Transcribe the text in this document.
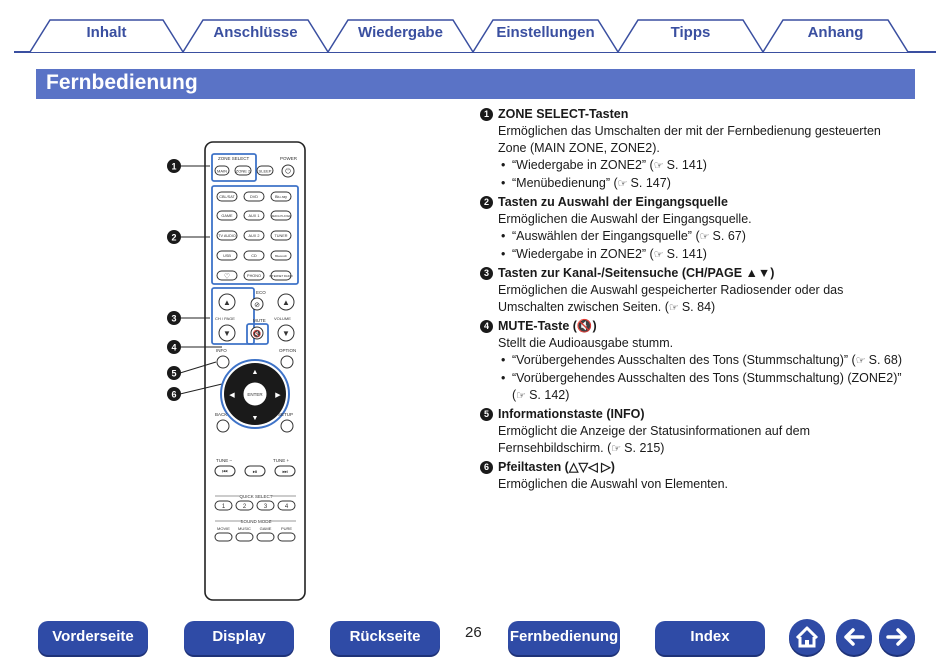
Inhalt	Anschlüsse	Wiedergabe	Einstellungen	Tipps	Anhang
Fernbedienung
1
2
3
4
5
6
ZONE SELECT	POWER
MAIN ZONE 2 SLEEP ⏻
CBL/SAT	DVD	Blu-ray
GAME	AUX 1	MEDIA PLAYER
TV AUDIO	AUX 2	TUNER
USB	CD	Bluetooth
PHONO	INTERNET RADIO
♡
▲
CH / PAGE
▼
ECO
⊘
MUTE
🔇
▲
VOLUME
▼
INFO	OPTION
ENTER
▲
▼
◀	▶
BACK	SETUP
TUNE –	TUNE +
⏮	⏯	⏭
QUICK SELECT
1	2	3	4
SOUND MODE
MOVIE MUSIC GAME PURE
1 ZONE SELECT-Tasten
Ermöglichen das Umschalten der mit der Fernbedienung gesteuerten Zone (MAIN ZONE, ZONE2).
• “Wiedergabe in ZONE2” (☞ S. 141)
• “Menübedienung” (☞ S. 147)
2 Tasten zu Auswahl der Eingangsquelle
Ermöglichen die Auswahl der Eingangsquelle.
• “Auswählen der Eingangsquelle” (☞ S. 67)
• “Wiedergabe in ZONE2” (☞ S. 141)
3 Tasten zur Kanal-/Seitensuche (CH/PAGE ▲▼)
Ermöglichen die Auswahl gespeicherter Radiosender oder das Umschalten zwischen Seiten. (☞ S. 84)
4 MUTE-Taste (🔇)
Stellt die Audioausgabe stumm.
• “Vorübergehendes Ausschalten des Tons (Stummschaltung)” (☞ S. 68)
• “Vorübergehendes Ausschalten des Tons (Stummschaltung) (ZONE2)” (☞ S. 142)
5 Informationstaste (INFO)
Ermöglicht die Anzeige der Statusinformationen auf dem Fernsehbildschirm. (☞ S. 215)
6 Pfeiltasten (△▽◁ ▷)
Ermöglichen die Auswahl von Elementen.
Vorderseite	Display	Rückseite	26 Fernbedienung	Index
